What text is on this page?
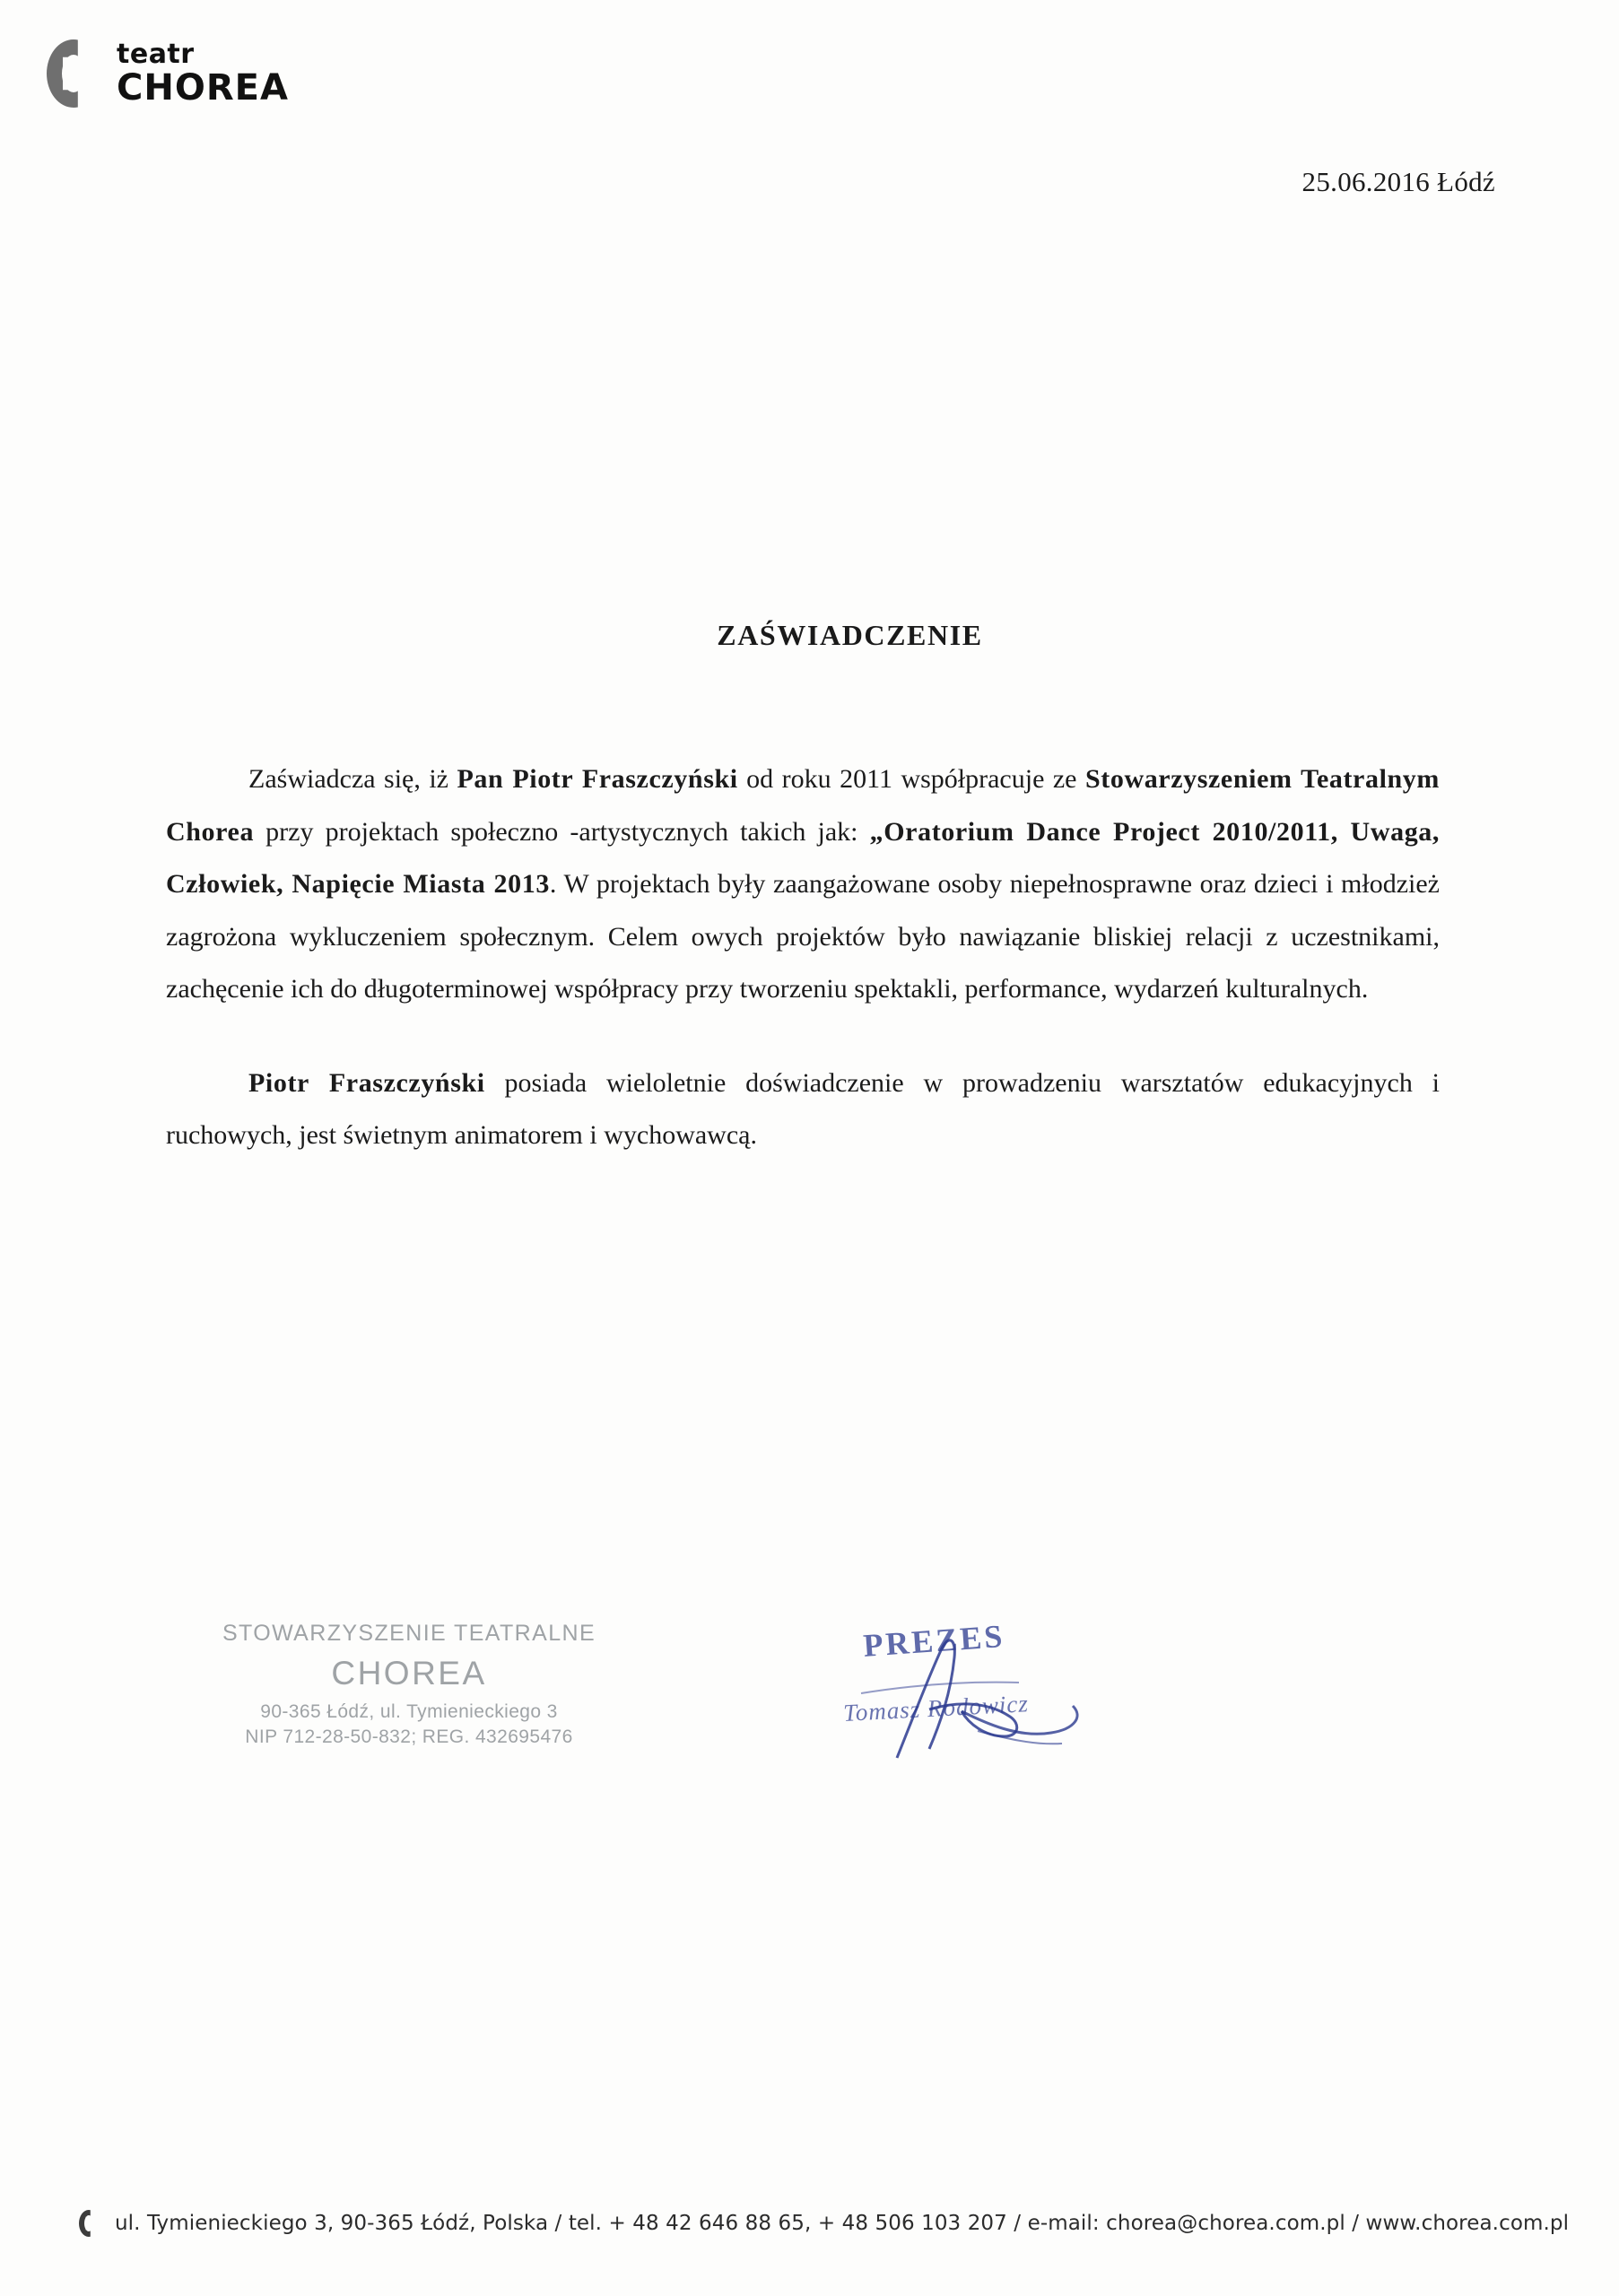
teatr
CHOREA
25.06.2016 Łódź
ZAŚWIADCZENIE

Zaświadcza się, iż Pan Piotr Fraszczyński od roku 2011 współpracuje ze Stowarzyszeniem Teatralnym Chorea przy projektach społeczno -artystycznych takich jak: „Oratorium Dance Project 2010/2011, Uwaga, Człowiek, Napięcie Miasta 2013. W projektach były zaangażowane osoby niepełnosprawne oraz dzieci i młodzież zagrożona wykluczeniem społecznym. Celem owych projektów było nawiązanie bliskiej relacji z uczestnikami, zachęcenie ich do długoterminowej współpracy przy tworzeniu spektakli, performance, wydarzeń kulturalnych.

Piotr Fraszczyński posiada wieloletnie doświadczenie w prowadzeniu warsztatów edukacyjnych i ruchowych, jest świetnym animatorem i wychowawcą.

STOWARZYSZENIE TEATRALNE
CHOREA
90-365 Łódź, ul. Tymienieckiego 3
NIP 712-28-50-832; REG. 432695476
PREZES
Tomasz Rodowicz
ul. Tymienieckiego 3, 90-365 Łódź, Polska / tel. + 48 42 646 88 65, + 48 506 103 207 / e-mail: chorea@chorea.com.pl / www.chorea.com.pl
